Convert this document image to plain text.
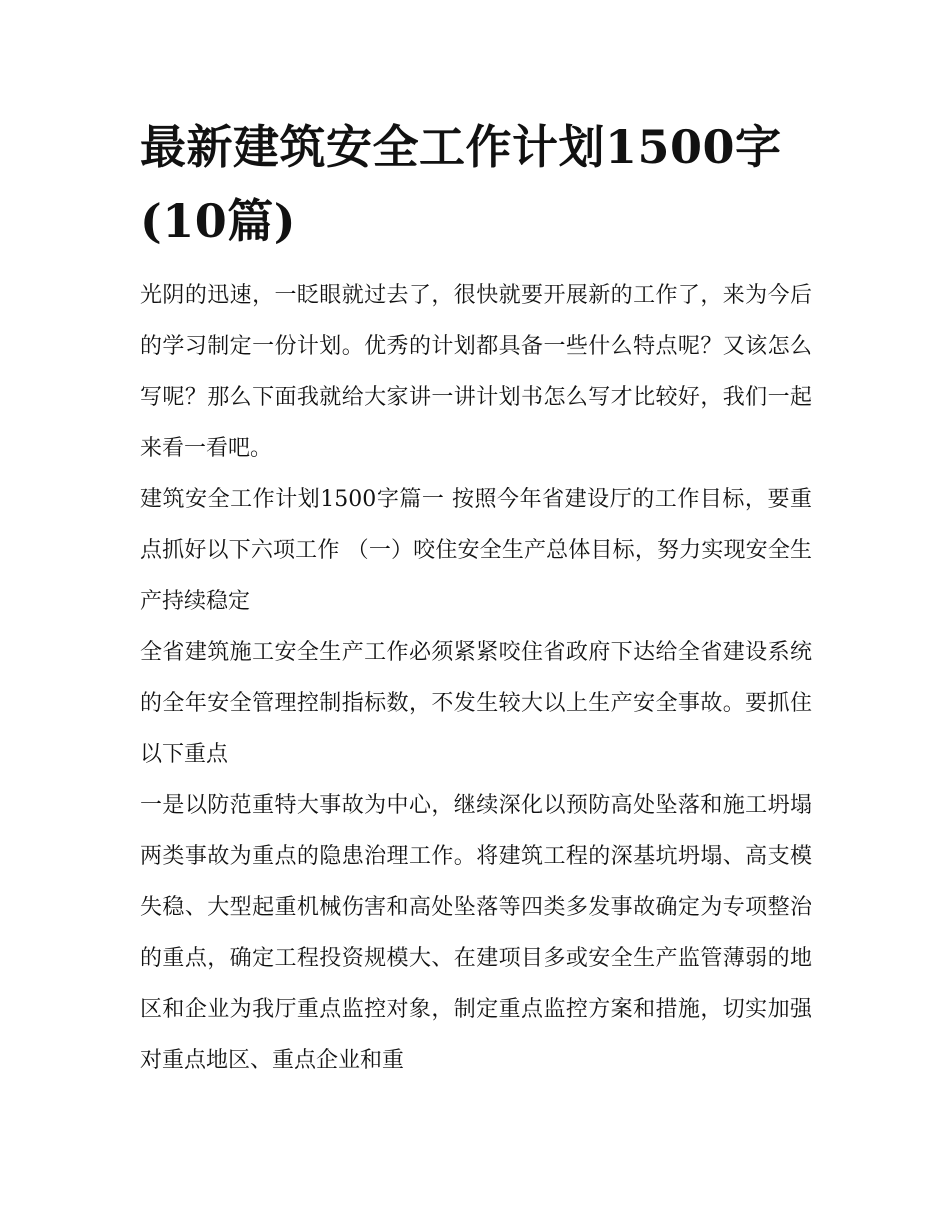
最新建筑安全工作计划1500字(10篇)

光阴的迅速，一眨眼就过去了，很快就要开展新的工作了，来为今后的学习制定一份计划。优秀的计划都具备一些什么特点呢？又该怎么写呢？那么下面我就给大家讲一讲计划书怎么写才比较好，我们一起来看一看吧。

建筑安全工作计划1500字篇一 按照今年省建设厅的工作目标，要重点抓好以下六项工作 （一）咬住安全生产总体目标，努力实现安全生产持续稳定

全省建筑施工安全生产工作必须紧紧咬住省政府下达给全省建设系统的全年安全管理控制指标数，不发生较大以上生产安全事故。要抓住以下重点

一是以防范重特大事故为中心，继续深化以预防高处坠落和施工坍塌两类事故为重点的隐患治理工作。将建筑工程的深基坑坍塌、高支模失稳、大型起重机械伤害和高处坠落等四类多发事故确定为专项整治的重点，确定工程投资规模大、在建项目多或安全生产监管薄弱的地区和企业为我厅重点监控对象，制定重点监控方案和措施，切实加强对重点地区、重点企业和重
